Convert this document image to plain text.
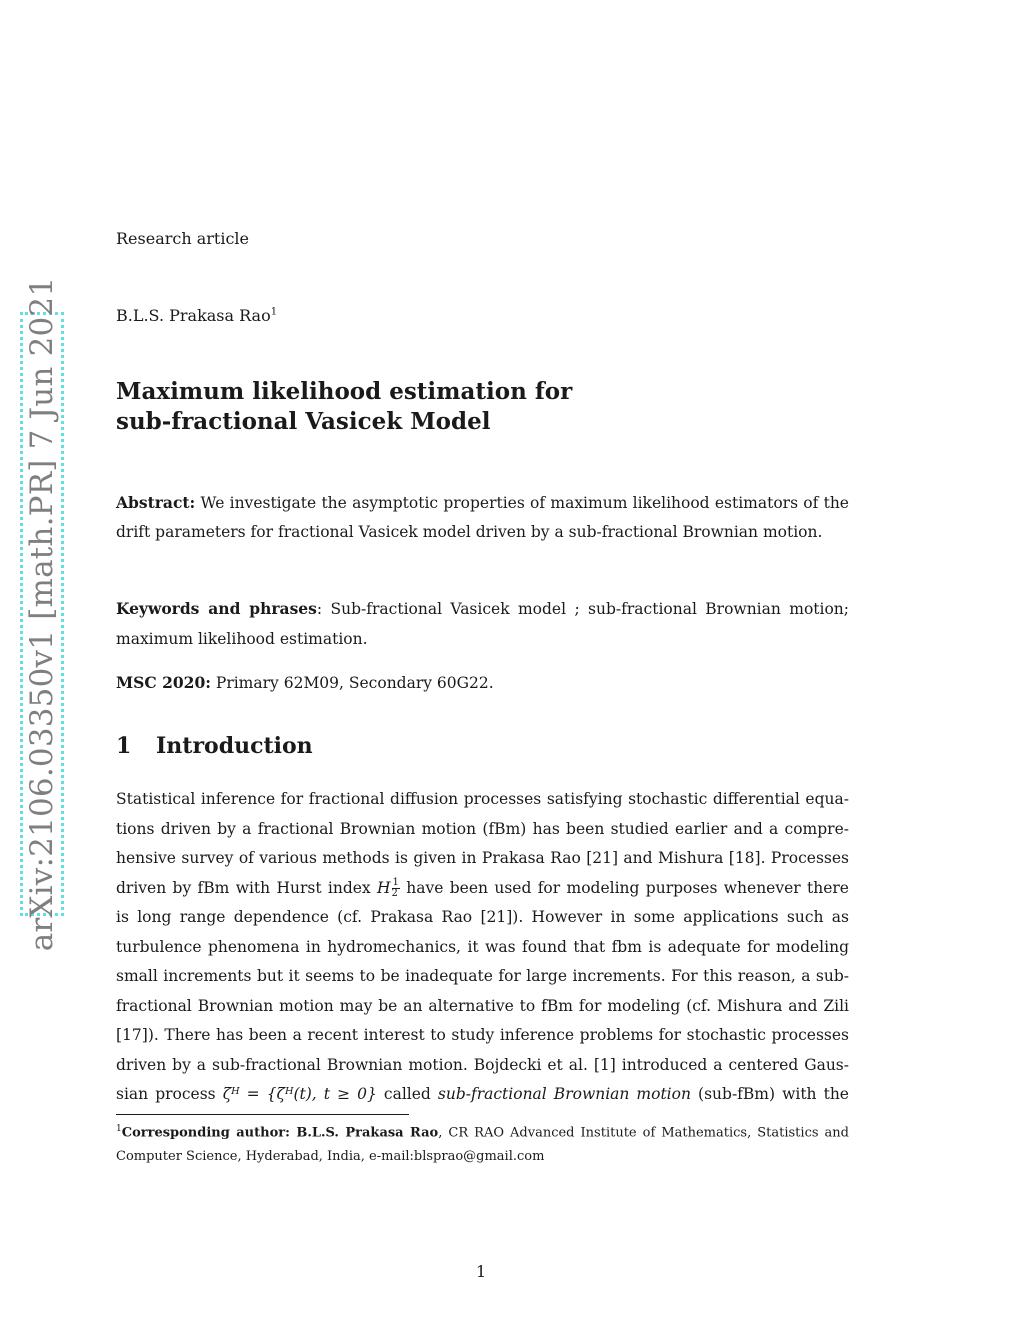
arXiv:2106.03350v1 [math.PR] 7 Jun 2021
Research article
B.L.S. Prakasa Rao$^1$
Maximum likelihood estimation for
sub-fractional Vasicek Model

Abstract: We investigate the asymptotic properties of maximum likelihood estimators of the drift parameters for fractional Vasicek model driven by a sub-fractional Brownian motion.

Keywords and phrases: Sub-fractional Vasicek model ; sub-fractional Brownian motion; maximum likelihood estimation.

MSC 2020: Primary 62M09, Secondary 60G22.

1 Introduction
Statistical inference for fractional diffusion processes satisfying stochastic differential equa-
tions driven by a fractional Brownian motion (fBm) has been studied earlier and a compre-
hensive survey of various methods is given in Prakasa Rao [21] and Mishura [18]. Processes
driven by fBm with Hurst index H $\frac{1}{2}$ have been used for modeling purposes whenever there
is long range dependence (cf. Prakasa Rao [21]). However in some applications such as
turbulence phenomena in hydromechanics, it was found that fbm is adequate for modeling
small increments but it seems to be inadequate for large increments. For this reason, a sub-
fractional Brownian motion may be an alternative to fBm for modeling (cf. Mishura and Zili
[17]). There has been a recent interest to study inference problems for stochastic processes
driven by a sub-fractional Brownian motion. Bojdecki et al. [1] introduced a centered Gaus-
sian process ζᴴ = {ζᴴ(t), t ≥ 0} called sub-fractional Brownian motion (sub-fBm) with the

$^1$Corresponding author: B.L.S. Prakasa Rao, CR RAO Advanced Institute of Mathematics, Statistics and Computer Science, Hyderabad, India, e-mail:blsprao@gmail.com

1
